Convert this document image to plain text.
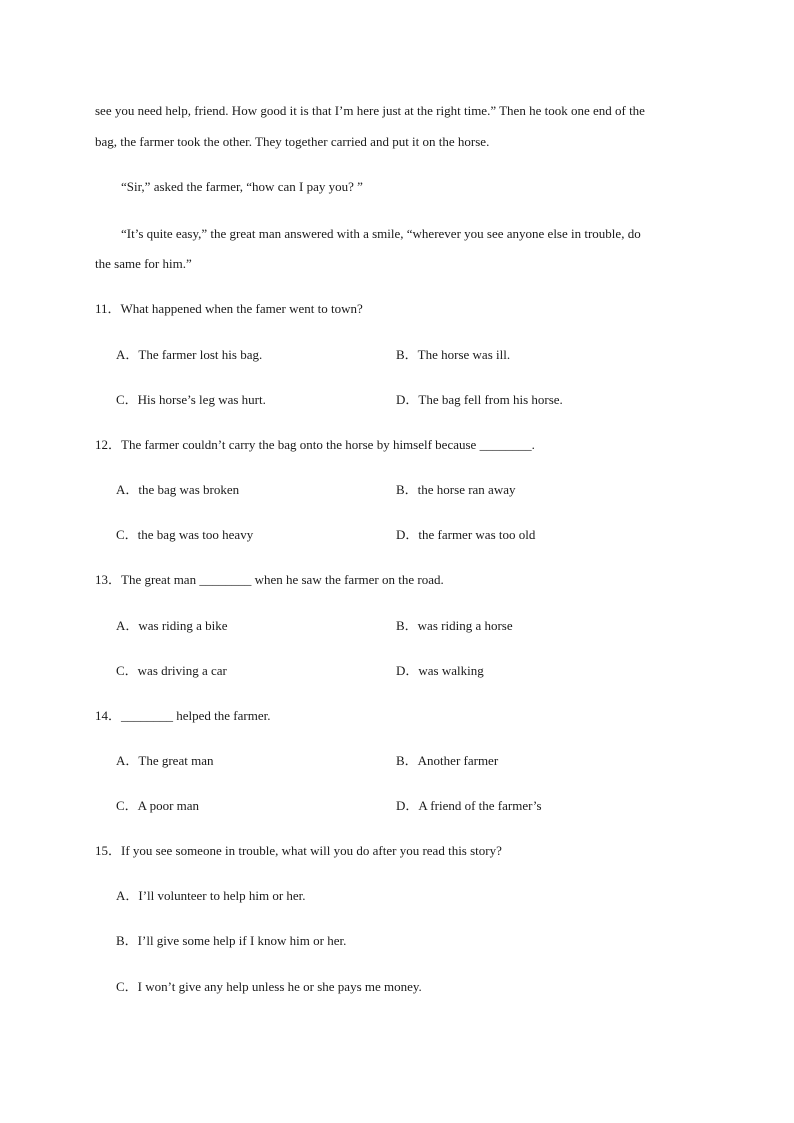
see you need help, friend. How good it is that I’m here just at the right time.” Then he took one end of the
bag, the farmer took the other. They together carried and put it on the horse.
“Sir,” asked the farmer, “how can I pay you? ”
“It’s quite easy,” the great man answered with a smile, “wherever you see anyone else in trouble, do
the same for him.”
11．What happened when the famer went to town?
A．The farmer lost his bag.	B．The horse was ill.
C．His horse’s leg was hurt.	D．The bag fell from his horse.
12．The farmer couldn’t carry the bag onto the horse by himself because ________.
A．the bag was broken	B．the horse ran away
C．the bag was too heavy	D．the farmer was too old
13．The great man ________ when he saw the farmer on the road.
A．was riding a bike	B．was riding a horse
C．was driving a car	D．was walking
14．________ helped the farmer.
A．The great man	B．Another farmer
C．A poor man	D．A friend of the farmer’s
15．If you see someone in trouble, what will you do after you read this story?
A．I’ll volunteer to help him or her.
B．I’ll give some help if I know him or her.
C．I won’t give any help unless he or she pays me money.
